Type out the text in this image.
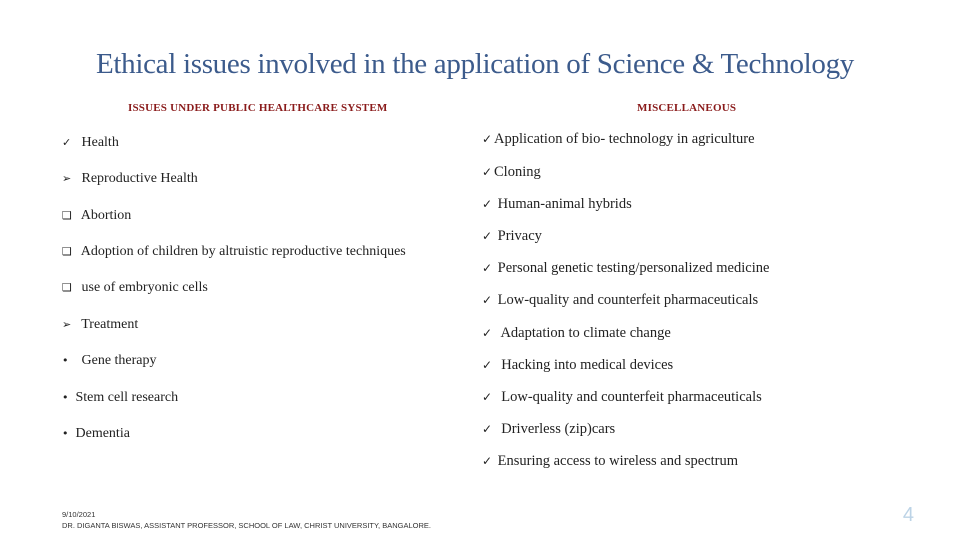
Ethical issues involved in the application of Science & Technology
ISSUES UNDER PUBLIC HEALTHCARE SYSTEM	MISCELLANEOUS
✓ Health
➢ Reproductive Health
❑ Abortion
❑ Adoption of children by altruistic reproductive techniques
❑ use of embryonic cells
➢ Treatment
• Gene therapy
• Stem cell research
• Dementia
✓ Application of bio- technology in agriculture
✓ Cloning
✓ Human-animal hybrids
✓ Privacy
✓ Personal genetic testing/personalized medicine
✓ Low-quality and counterfeit pharmaceuticals
✓  Adaptation to climate change
✓  Hacking into medical devices
✓  Low-quality and counterfeit pharmaceuticals
✓  Driverless (zip)cars
✓ Ensuring access to wireless and spectrum
9/10/2021
DR. DIGANTA BISWAS, ASSISTANT PROFESSOR, SCHOOL OF LAW, CHRIST UNIVERSITY, BANGALORE.	4
